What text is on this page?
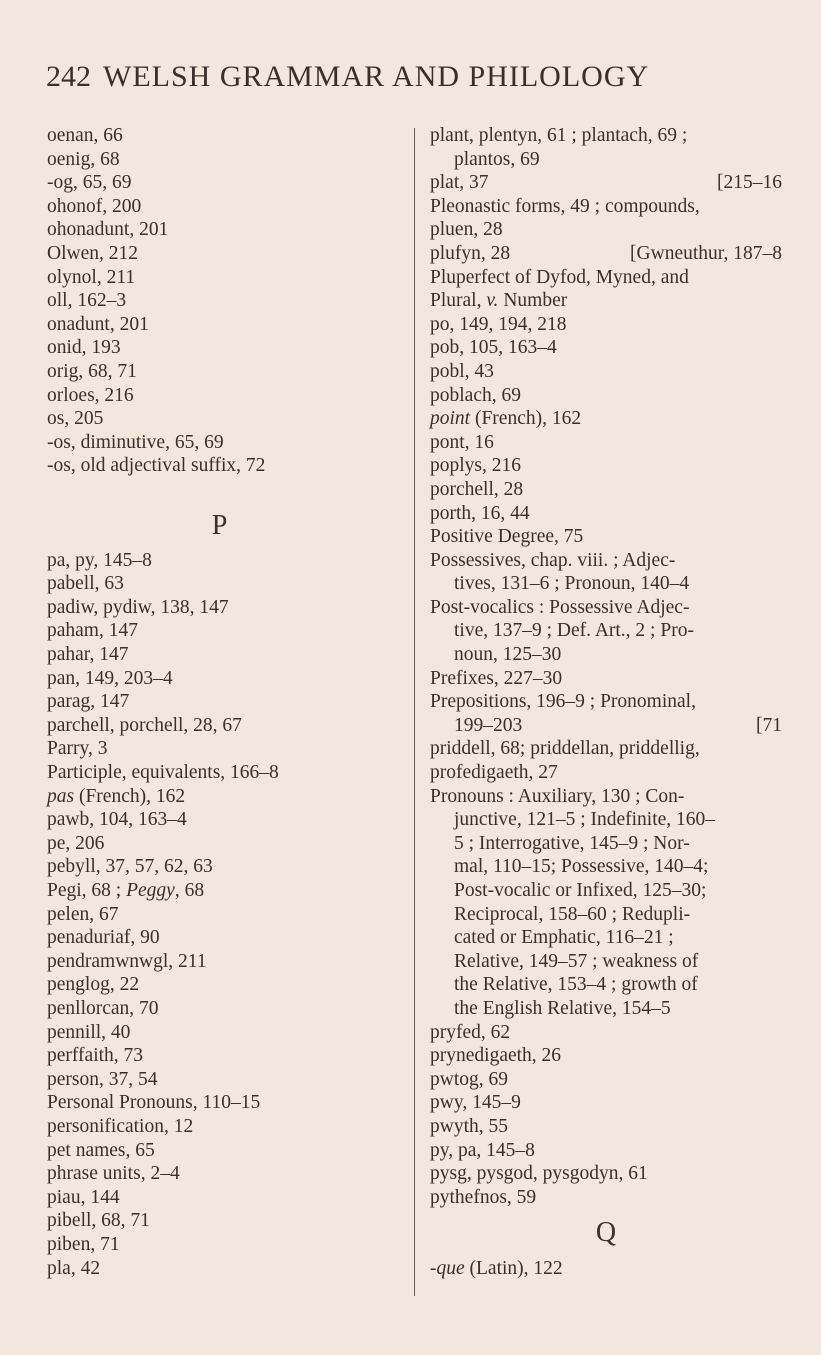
242 WELSH GRAMMAR AND PHILOLOGY
oenan, 66
oenig, 68
-og, 65, 69
ohonof, 200
ohonadunt, 201
Olwen, 212
olynol, 211
oll, 162–3
onadunt, 201
onid, 193
orig, 68, 71
orloes, 216
os, 205
-os, diminutive, 65, 69
-os, old adjectival suffix, 72
P
pa, py, 145–8
pabell, 63
padiw, pydiw, 138, 147
paham, 147
pahar, 147
pan, 149, 203–4
parag, 147
parchell, porchell, 28, 67
Parry, 3
Participle, equivalents, 166–8
pas (French), 162
pawb, 104, 163–4
pe, 206
pebyll, 37, 57, 62, 63
Pegi, 68 ; Peggy, 68
pelen, 67
penaduriaf, 90
pendramwnwgl, 211
penglog, 22
penllorcan, 70
pennill, 40
perffaith, 73
person, 37, 54
Personal Pronouns, 110–15
personification, 12
pet names, 65
phrase units, 2–4
piau, 144
pibell, 68, 71
piben, 71
pla, 42
plant, plentyn, 61 ; plantach, 69 ;
plantos, 69
plat, 37	[215–16
Pleonastic forms, 49 ; compounds,
pluen, 28
plufyn, 28	[Gwneuthur, 187–8
Pluperfect of Dyfod, Myned, and
Plural, v. Number
po, 149, 194, 218
pob, 105, 163–4
pobl, 43
poblach, 69
point (French), 162
pont, 16
poplys, 216
porchell, 28
porth, 16, 44
Positive Degree, 75
Possessives, chap. viii. ; Adjec-
tives, 131–6 ; Pronoun, 140–4
Post-vocalics : Possessive Adjec-
tive, 137–9 ; Def. Art., 2 ; Pro-
noun, 125–30
Prefixes, 227–30
Prepositions, 196–9 ; Pronominal,
199–203	[71
priddell, 68; priddellan, priddellig,
profedigaeth, 27
Pronouns : Auxiliary, 130 ; Con-
junctive, 121–5 ; Indefinite, 160–
5 ; Interrogative, 145–9 ; Nor-
mal, 110–15; Possessive, 140–4;
Post-vocalic or Infixed, 125–30;
Reciprocal, 158–60 ; Redupli-
cated or Emphatic, 116–21 ;
Relative, 149–57 ; weakness of
the Relative, 153–4 ; growth of
the English Relative, 154–5
pryfed, 62
prynedigaeth, 26
pwtog, 69
pwy, 145–9
pwyth, 55
py, pa, 145–8
pysg, pysgod, pysgodyn, 61
pythefnos, 59
Q
-que (Latin), 122
